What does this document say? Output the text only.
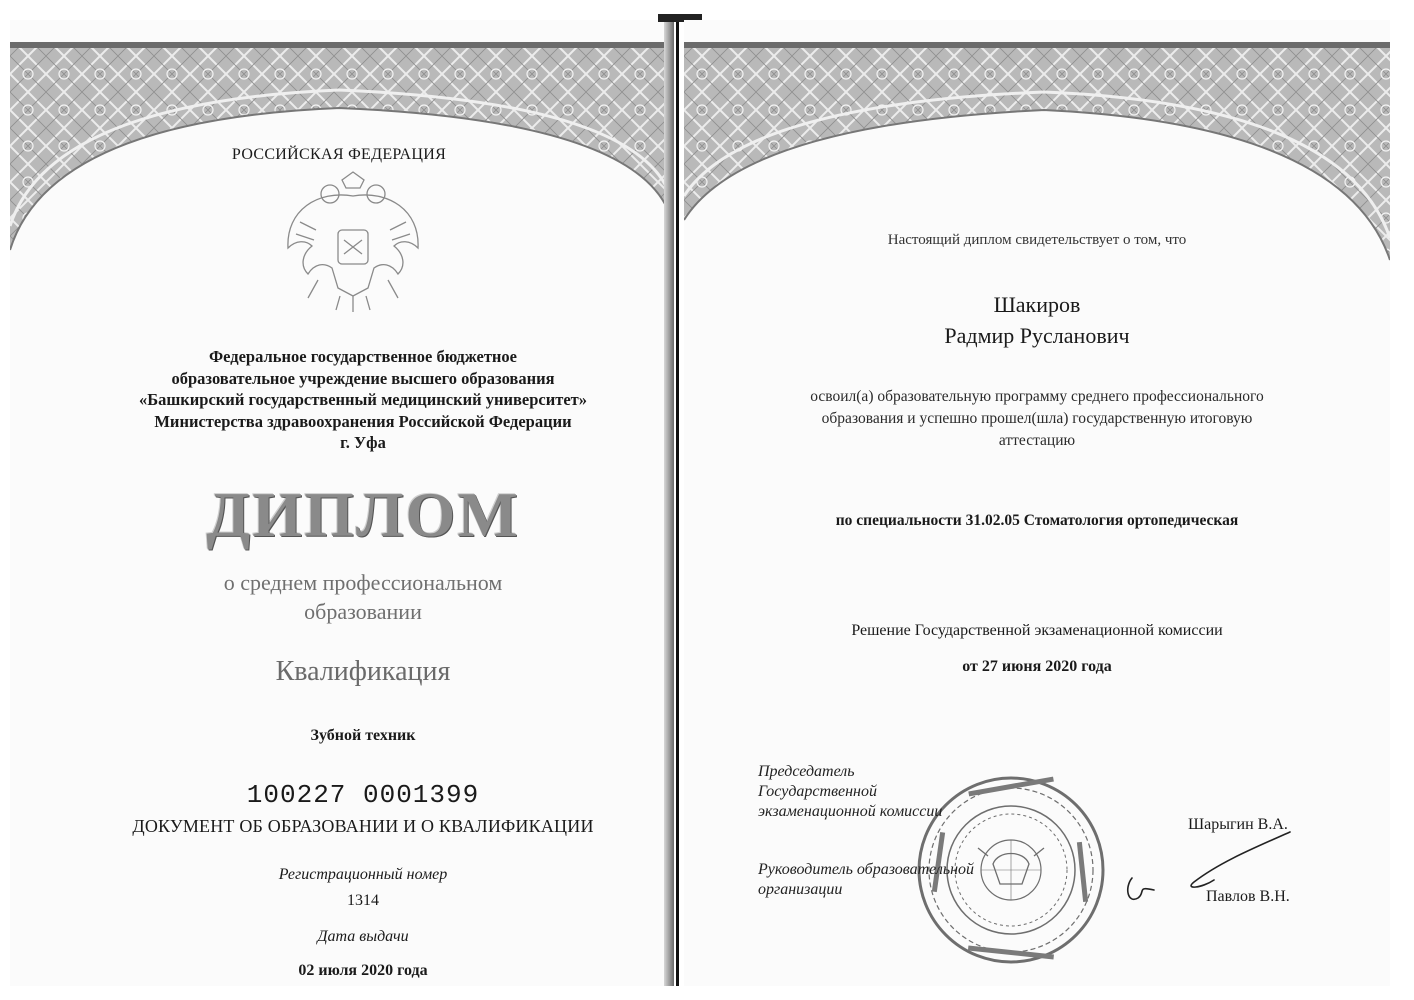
РОССИЙСКАЯ ФЕДЕРАЦИЯ
Федеральное государственное бюджетное
образовательное учреждение высшего образования
«Башкирский государственный медицинский университет»
Министерства здравоохранения Российской Федерации
г. Уфа
ДИПЛОМ
о среднем профессиональном
образовании
Квалификация
Зубной техник
100227 0001399
ДОКУМЕНТ ОБ ОБРАЗОВАНИИ И О КВАЛИФИКАЦИИ
Регистрационный номер
1314
Дата выдачи
02 июля 2020 года
Настоящий диплом свидетельствует о том, что
Шакиров
Радмир Русланович
освоил(а) образовательную программу среднего профессионального
образования и успешно прошел(шла) государственную итоговую
аттестацию
по специальности 31.02.05 Стоматология ортопедическая
Решение Государственной экзаменационной комиссии
от 27 июня 2020 года
Председатель
Государственной
экзаменационной комиссии
Руководитель образовательной
организации
Шарыгин В.А.
Павлов В.Н.
